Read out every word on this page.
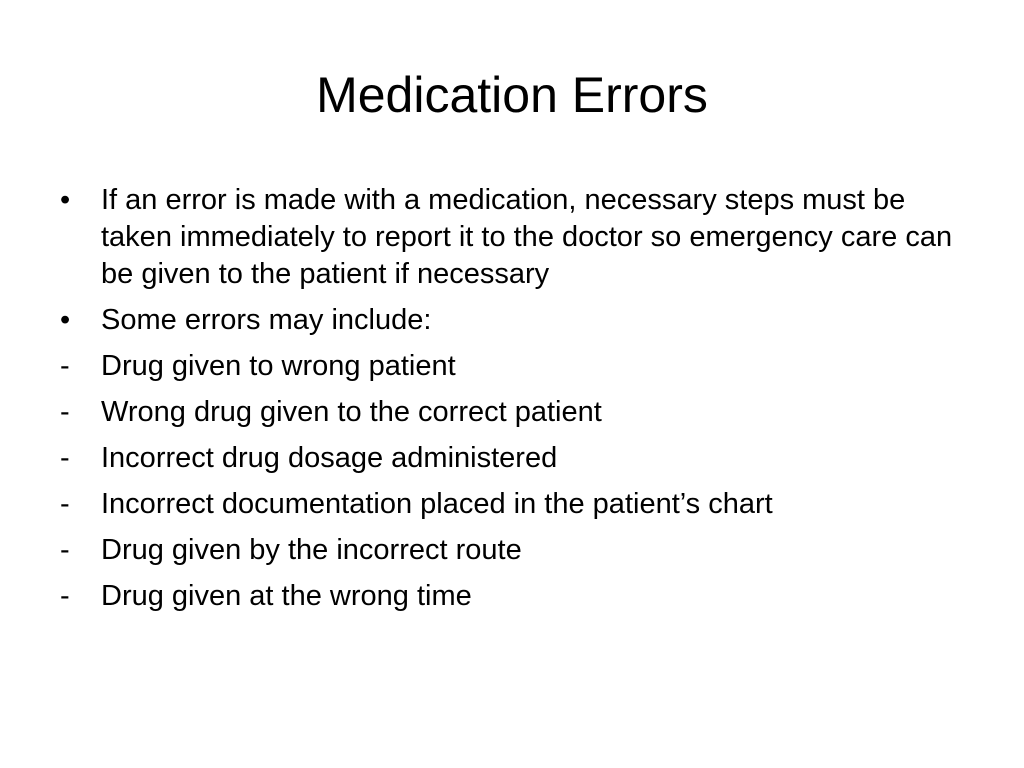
Medication Errors
•
If an error is made with a medication, necessary steps must be taken immediately to report it to the doctor so emergency care can be given to the patient if necessary
•
Some errors may include:
-
Drug given to wrong patient
-
Wrong drug given to the correct patient
-
Incorrect drug dosage administered
-
Incorrect documentation placed in the patient’s chart
-
Drug given by the incorrect route
-
Drug given at the wrong time
